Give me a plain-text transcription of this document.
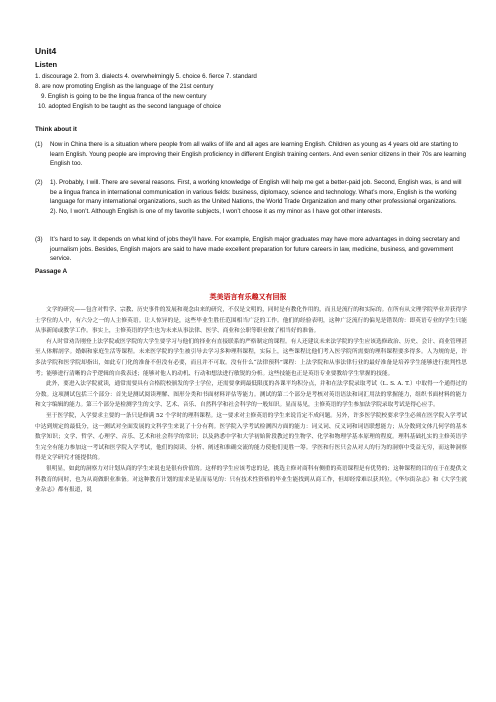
Unit4
Listen
1. discourage 2. from 3. dialects 4. overwhelmingly 5. choice 6. fierce 7. standard
8. are now promoting English as the language of the 21st century
9. English is going to be the lingua franca of the new century
10. adopted English to be taught as the second language of choice
Think about it
(1) Now in China there is a situation where people from all walks of life and all ages are learning English. Children as young as 4 years old are starting to learn English. Young people are improving their English proficiency in different English training centers. And even senior citizens in their 70s are learning English too.

(2) 1). Probably, I will. There are several reasons. First, a working knowledge of English will help me get a better-paid job. Second, English was, is and will be a lingua franca in international communication in various fields: business, diplomacy, science and technology. What’s more, English is the working language for many international organizations, such as the United Nations, the World Trade Organization and many other professional organizations.

2). No, I won’t. Although English is one of my favorite subjects, I won’t choose it as my minor as I have got other interests.

(3) It’s hard to say. It depends on what kind of jobs they’ll have. For example, English major graduates may have more advantages in doing secretary and journalism jobs. Besides, English majors are said to have made excellent preparation for future careers in law, medicine, business, and government service.

Passage A
英美语言有乐趣又有回报

文学的研究——包含对哲学、宗教、历史事件的发展和观念由来的研究，不仅是文明的，同时是有教化作用的，而且是流行的和实际的。在所有从文理学院毕业并获得学士学位的人中，有六分之一的人主修英语。让人惊异的是，这些毕业生胜任范围相当广泛的工作。他们的经验表明，这种广泛流行的偏见是错误的：即英语专业的学生只能从事新闻或教学工作。事实上，主修英语的学生也为未来从事法律、医学、商业和公职等职业做了相当好的准备。

有人时常劝告刚登上法学院或医学院的大学生要学习与他们的择业有直接联系的严格制定的课程。有人还建议未来法学院的学生应该选修政治、历史、会计、商业管理甚至人体解剖学。婚姻和家庭生活等课程。未来医学院的学生被引导去学习多种理科课程，实际上，这些课程比他们考入医学院所需要的理科课程要多得多。人为规的是，许多法学院和医学院却指出，如此专门化的准备不但没有必要，而且并不可取。没有什么“法律预科”课程：上法学院和从事法律行业的最好准备是培养学生能够进行批判性思考；能够进行清晰的合乎逻辑的自我表述；能够对他人的动机、行动和想法进行敏锐的分析。这些技能也正是英语专业要教给学生掌握的技能。

此外，要进入法学院就读，通常需要具有合格院校颁发的学士学位，还需要拿到最低限度的各课平均积分点，并和在法学院录取考试（L. S. A. T.）中取得一个通得过的分数。这项测试包括三个部分：首先是测试阅读理解、图形分类和书面材料评估等能力。测试的第二个部分是考核对英语语法和词汇用法的掌握能力，组织书面材料的能力和文字编辑的能力。第三个部分是检测学生的文学、艺术、音乐、自然科学和社会科学的一般知识。显而易见，主修英语的学生参加法学院录取考试是得心应手。

至于医学院，入学要求主要的一条只是修满 52 个学时的理科课程。这一要求对主修英语的学生来说肯定不成问题。另外，许多医学院校要求学生必须在医学院入学考试中达到规定的最低分，这一测试对全面发展的文科学生来说了十分有利。医学院入学考试检测四方面的能力：词义词、反义词和词语联想能力；从分数到文体几何学的基本数学知识；文学、哲学、心理学、音乐、艺术和社会科学的常识；以及熟悉中学和大学初始阶段教过的生物学、化学和物理学基本原理的程度。理科基础扎实的主修英语学生完全有能力参加这一考试和医学院入学考试，他们的阅读、分析、阐述和准确交流的能力使他们更胜一筹。学医和行医只会从对人的行为的洞察中受益无穷，而这种洞察得是文学研究才能提供的。

很明显，如此的洞察力对计划从商的学生来说也是很有价值的。这样的学生应该考虑的是，挑选主修对商科有侧重的英语课程是有优势的；这种课程的目的在于在提供文科教育的同时，也为从商做职业准备。对这种教育计划的需求是显而易见的：只有技术性资格的毕业生能找到从商工作，但却经常难以获其位。《华尔街杂志》和《大学生就业杂志》都有报道，说
